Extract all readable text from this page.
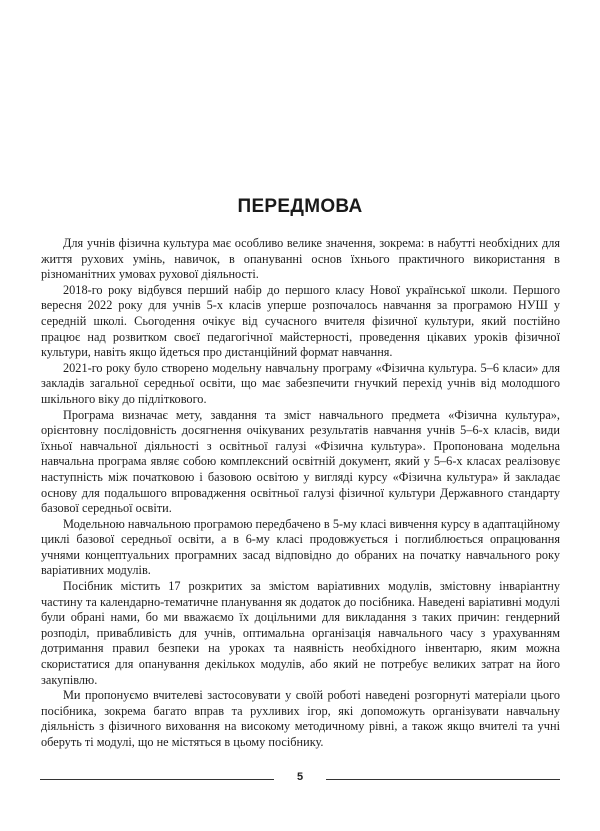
ПЕРЕДМОВА

Для учнів фізична культура має особливо велике значення, зокрема: в набутті необхідних для життя рухових умінь, навичок, в опануванні основ їхнього практичного використання в різноманітних умовах рухової діяльності.

2018-го року відбувся перший набір до першого класу Нової української школи. Першого вересня 2022 року для учнів 5-х класів уперше розпочалось навчання за програмою НУШ у середній школі. Сьогодення очікує від сучасного вчителя фізичної культури, який постійно працює над розвитком своєї педагогічної майстерності, проведення цікавих уроків фізичної культури, навіть якщо йдеться про дистанційний формат навчання.

2021-го року було створено модельну навчальну програму «Фізична культура. 5–6 класи» для закладів загальної середньої освіти, що має забезпечити гнучкий перехід учнів від молодшого шкільного віку до підліткового.

Програма визначає мету, завдання та зміст навчального предмета «Фізична культура», орієнтовну послідовність досягнення очікуваних результатів навчання учнів 5–6-х класів, види їхньої навчальної діяльності з освітньої галузі «Фізична культура». Пропонована модельна навчальна програма являє собою комплексний освітній документ, який у 5–6-х класах реалізовує наступність між початковою і базовою освітою у вигляді курсу «Фізична культура» й закладає основу для подальшого впровадження освітньої галузі фізичної культури Державного стандарту базової середньої освіти.

Модельною навчальною програмою передбачено в 5-му класі вивчення курсу в адаптаційному циклі базової середньої освіти, а в 6-му класі продовжується і поглиблюється опрацювання учнями концептуальних програмних засад відповідно до обраних на початку навчального року варіативних модулів.

Посібник містить 17 розкритих за змістом варіативних модулів, змістовну інваріантну частину та календарно-тематичне планування як додаток до посібника. Наведені варіативні модулі були обрані нами, бо ми вважаємо їх доцільними для викладання з таких причин: гендерний розподіл, привабливість для учнів, оптимальна організація навчального часу з урахуванням дотримання правил безпеки на уроках та наявність необхідного інвентарю, яким можна скористатися для опанування декількох модулів, або який не потребує великих затрат на його закупівлю.

Ми пропонуємо вчителеві застосовувати у своїй роботі наведені розгорнуті матеріали цього посібника, зокрема багато вправ та рухливих ігор, які допоможуть організувати навчальну діяльність з фізичного виховання на високому методичному рівні, а також якщо вчителі та учні оберуть ті модулі, що не містяться в цьому посібнику.

5
